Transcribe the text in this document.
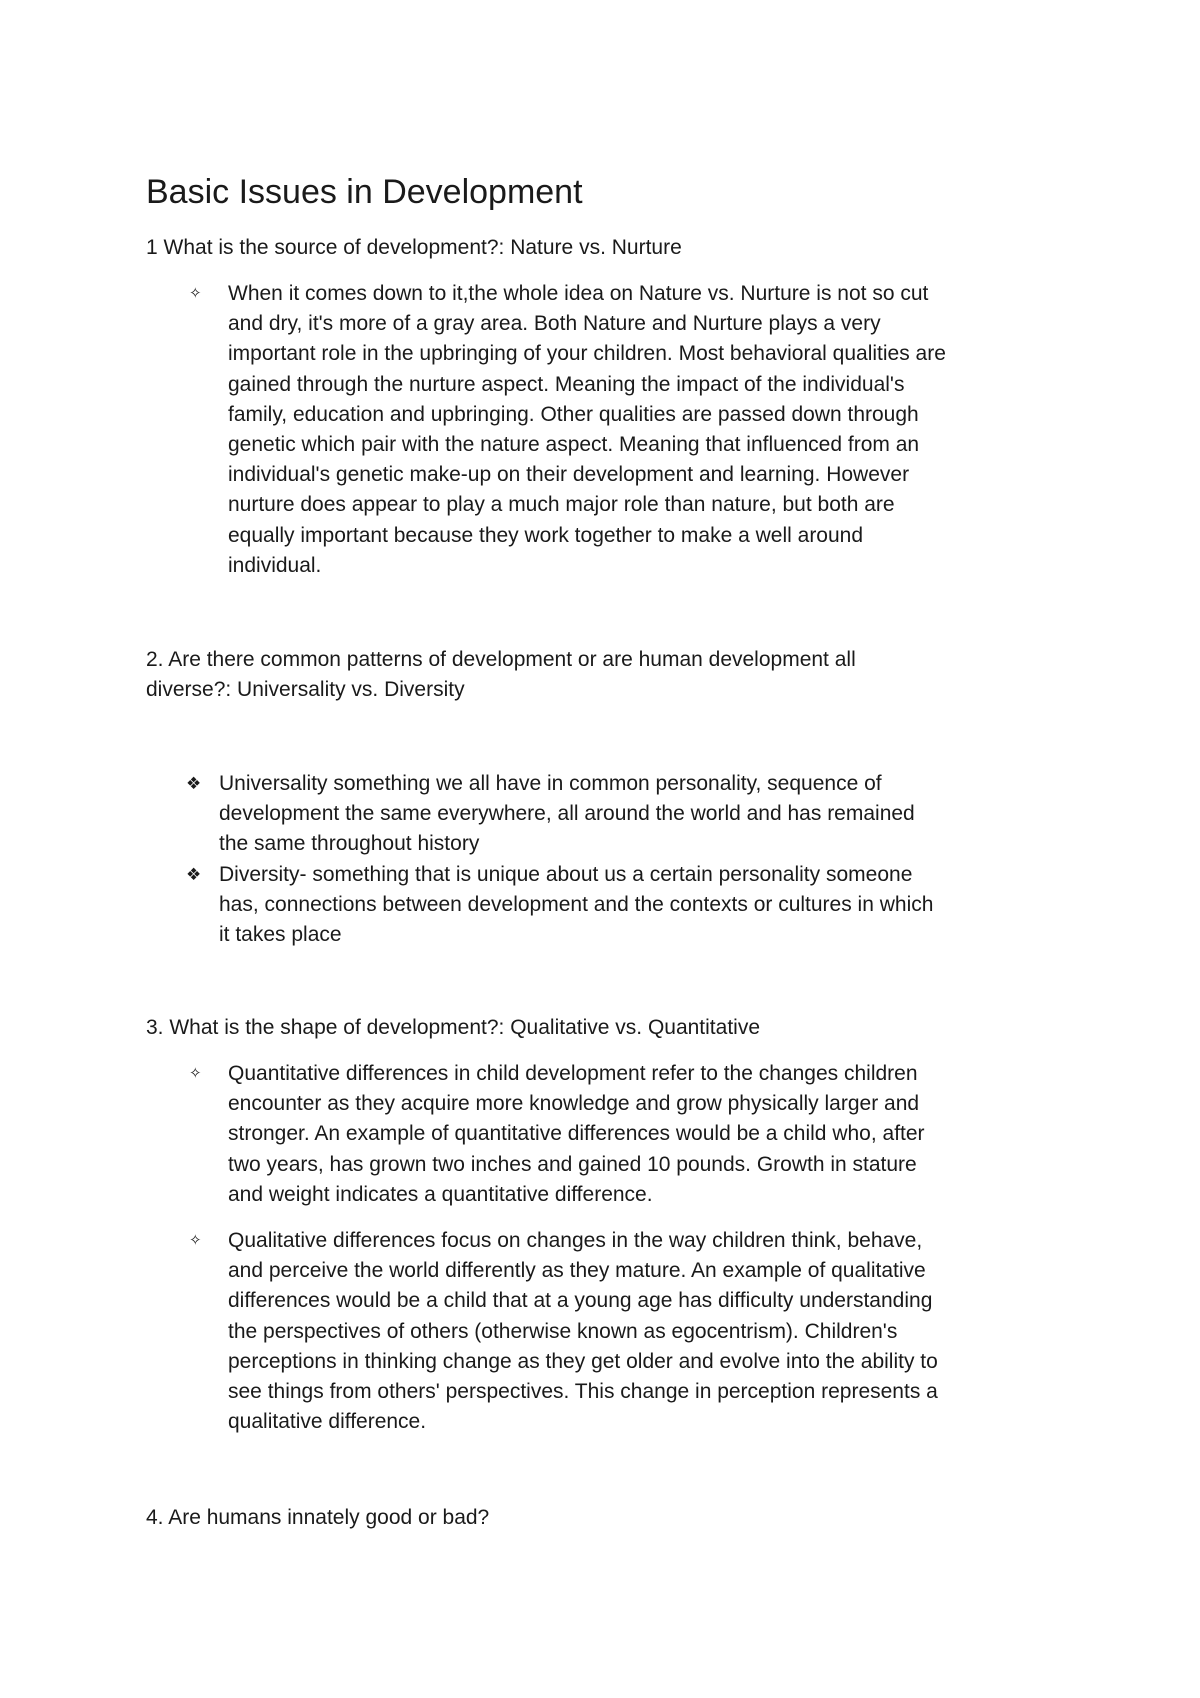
Basic Issues in Development

1 What is the source of development?: Nature vs. Nurture

✧ When it comes down to it,the whole idea on Nature vs. Nurture is not so cut
and dry, it's more of a gray area. Both Nature and Nurture plays a very
important role in the upbringing of your children. Most behavioral qualities are
gained through the nurture aspect. Meaning the impact of the individual's
family, education and upbringing. Other qualities are passed down through
genetic which pair with the nature aspect. Meaning that influenced from an
individual's genetic make-up on their development and learning. However
nurture does appear to play a much major role than nature, but both are
equally important because they work together to make a well around
individual.
2. Are there common patterns of development or are human development all
diverse?: Universality vs. Diversity
❖ Universality something we all have in common personality, sequence of
development the same everywhere, all around the world and has remained
the same throughout history
❖ Diversity- something that is unique about us a certain personality someone
has, connections between development and the contexts or cultures in which
it takes place

3. What is the shape of development?: Qualitative vs. Quantitative

✧ Quantitative differences in child development refer to the changes children
encounter as they acquire more knowledge and grow physically larger and
stronger. An example of quantitative differences would be a child who, after
two years, has grown two inches and gained 10 pounds. Growth in stature
and weight indicates a quantitative difference.
✧ Qualitative differences focus on changes in the way children think, behave,
and perceive the world differently as they mature. An example of qualitative
differences would be a child that at a young age has difficulty understanding
the perspectives of others (otherwise known as egocentrism). Children's
perceptions in thinking change as they get older and evolve into the ability to
see things from others' perspectives. This change in perception represents a
qualitative difference.

4. Are humans innately good or bad?
